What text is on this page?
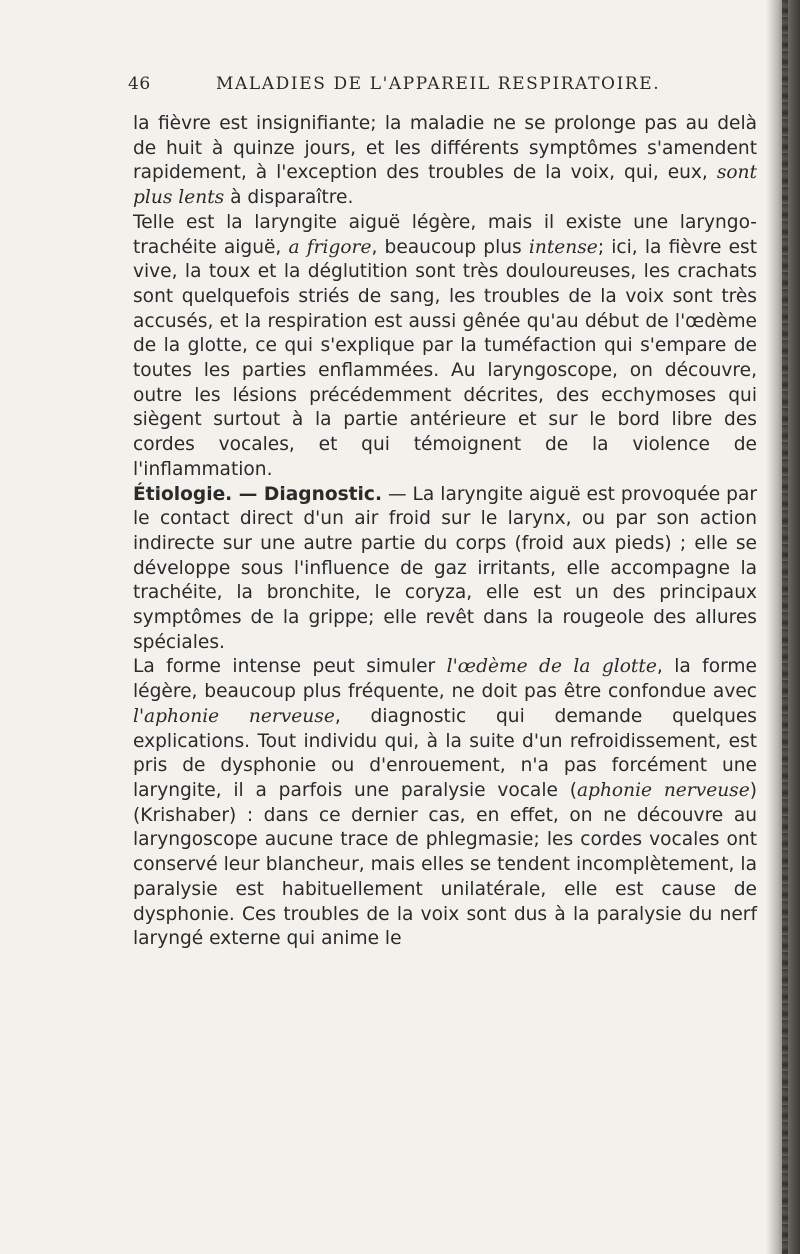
46	MALADIES DE L'APPAREIL RESPIRATOIRE.

la fièvre est insignifiante; la maladie ne se prolonge pas au delà de huit à quinze jours, et les différents symptômes s'amendent rapidement, à l'exception des troubles de la voix, qui, eux, sont plus lents à disparaître.

Telle est la laryngite aiguë légère, mais il existe une laryngo-trachéite aiguë, a frigore, beaucoup plus intense; ici, la fièvre est vive, la toux et la déglutition sont très douloureuses, les crachats sont quelquefois striés de sang, les troubles de la voix sont très accusés, et la respiration est aussi gênée qu'au début de l'œdème de la glotte, ce qui s'explique par la tuméfaction qui s'empare de toutes les parties enflammées. Au laryngoscope, on découvre, outre les lésions précédemment décrites, des ecchymoses qui siègent surtout à la partie antérieure et sur le bord libre des cordes vocales, et qui témoignent de la violence de l'inflammation.

Étiologie. — Diagnostic. — La laryngite aiguë est provoquée par le contact direct d'un air froid sur le larynx, ou par son action indirecte sur une autre partie du corps (froid aux pieds) ; elle se développe sous l'influence de gaz irritants, elle accompagne la trachéite, la bronchite, le coryza, elle est un des principaux symptômes de la grippe; elle revêt dans la rougeole des allures spéciales.

La forme intense peut simuler l'œdème de la glotte, la forme légère, beaucoup plus fréquente, ne doit pas être confondue avec l'aphonie nerveuse, diagnostic qui demande quelques explications. Tout individu qui, à la suite d'un refroidissement, est pris de dysphonie ou d'enrouement, n'a pas forcément une laryngite, il a parfois une paralysie vocale (aphonie nerveuse) (Krishaber) : dans ce dernier cas, en effet, on ne découvre au laryngoscope aucune trace de phlegmasie; les cordes vocales ont conservé leur blancheur, mais elles se tendent incomplètement, la paralysie est habituellement unilatérale, elle est cause de dysphonie. Ces troubles de la voix sont dus à la paralysie du nerf laryngé externe qui anime le
